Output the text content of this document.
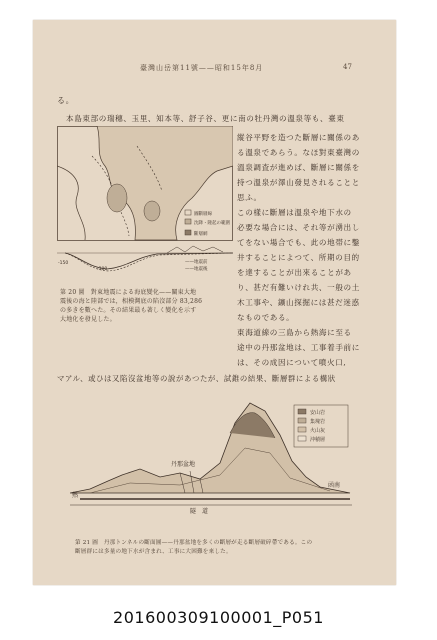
臺灣山岳第11號——昭和15年8月	47
る。
本島東部の瑞穗、玉里、知本等、舒子谷、更に南の牡丹灣の溫泉等も、臺東
縱谷平野を造つた斷層に關係のあ
る溫泉であらう。なほ對東臺灣の
溫泉調査が進めば、斷層に關係を
持つ溫泉が澤山發見されることと
思ふ。
この樣に斷層は溫泉や地下水の
必要な場合には、それ等が湧出し
てをない場合でも、此の地帯に鑿
井することによつて、所期の目的
を達することが出來ることがあ
り、甚だ有難いけれ共、一般の土
木工事や、鑛山探掘には甚だ迷惑
なものである。
東海道線の三島から熱海に至る
途中の丹那盆地は、工事着手前に
は、その成因について噴火口,
圖斷層線
沈降・隆起の範圍
斷層網
-150
-300
——地震前
——地震後
第 20 圖　對東地震による海底變化——關東大地
震後の海と陸部では，相模灣底の陷沒部分 83,286
の多きを數へた。その結果最も著しく變化を示す
大地化を發見した。
マアル、或ひは又陷沒盆地等の說があつたが、試錐の結果、斷層群による構狀
丹那盆地
隧　道
熱
函南
安山岩
集塊岩
火山灰
沖積層
第 21 圖　丹那トンネルの斷面圖——丹那盆地を多くの斷層が走る斷層破碎帶である。この
斷層群には多量の地下水が含まれ、工事に大困難を來した。
201600309100001_P051
